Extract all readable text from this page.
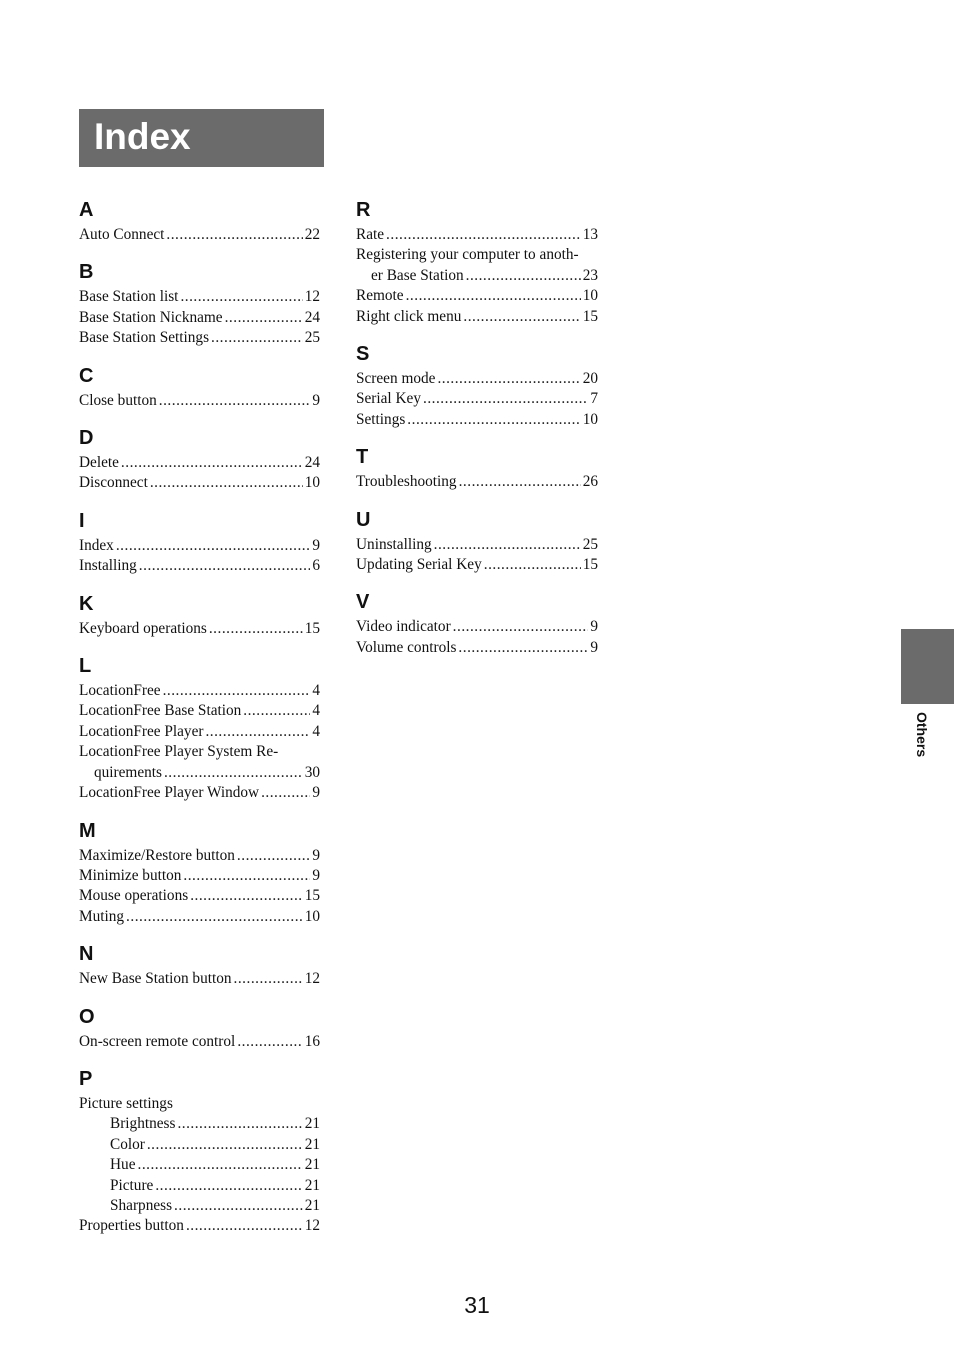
Index
A
Auto Connect .....	22
B
Base Station list .....	12
Base Station Nickname .....	24
Base Station Settings .....	25
C
Close button .....	9
D
Delete .....	24
Disconnect .....	10
I
Index .....	9
Installing .....	6
K
Keyboard operations .....	15
L
LocationFree .....	4
LocationFree Base Station .....	4
LocationFree Player .....	4
LocationFree Player System Re-
quirements .....	30
LocationFree Player Window .....	9
M
Maximize/Restore button .....	9
Minimize button .....	9
Mouse operations .....	15
Muting .....	10
N
New Base Station button .....	12
O
On-screen remote control .....	16
P
Picture settings
Brightness .....	21
Color .....	21
Hue .....	21
Picture .....	21
Sharpness .....	21
Properties button .....	12
R
Rate .....	13
Registering your computer to anoth-
er Base Station .....	23
Remote .....	10
Right click menu .....	15
S
Screen mode .....	20
Serial Key .....	7
Settings .....	10
T
Troubleshooting .....	26
U
Uninstalling .....	25
Updating Serial Key .....	15
V
Video indicator .....	9
Volume controls .....	9
Others
31
